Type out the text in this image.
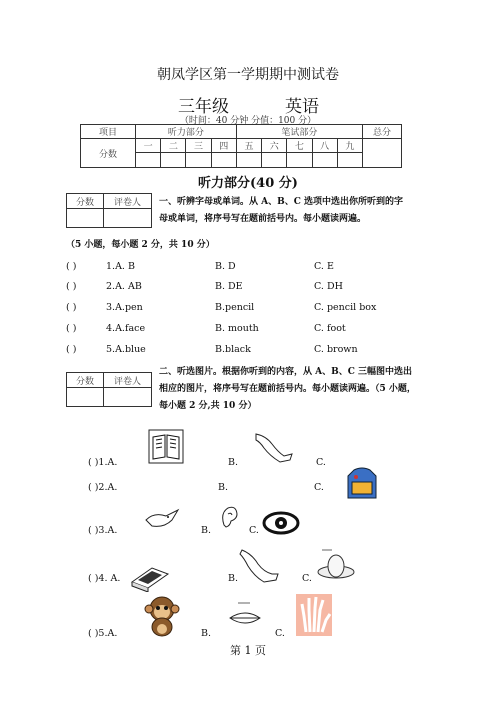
朝凤学区第一学期期中测试卷
三年级	英语
（时间：40 分钟 分值：100 分）
项目	听力部分				笔试部分					总分
分数	一	二	三	四	五	六	七	八	九	

听力部分(40 分)
分数	评卷人
	一、听辨字母或单词。从 A、B、C 选项中选出你所听到的字母或单词，将序号写在题前括号内。每小题读两遍。
（5 小题，每小题 2 分，共 10 分）
( )	1.A. B	B. D	C. E
( )	2.A. AB	B. DE	C. DH
( )	3.A.pen	B.pencil	C. pencil box
( )	4.A.face	B. mouth	C. foot
( )	5.A.blue	B.black	C. brown
分数	评卷人

二、听选图片。根据你听到的内容，从 A、B、C 三幅图中选出相应的图片，将序号写在题前括号内。每小题读两遍。（5 小题，每小题 2 分,共 10 分）
( )1.A.	B.	C.
( )2.A.	B.	C.
( )3.A.	B.	C.
( )4. A.	B.	C.
( )5.A.	B.	C.
第 1 页
